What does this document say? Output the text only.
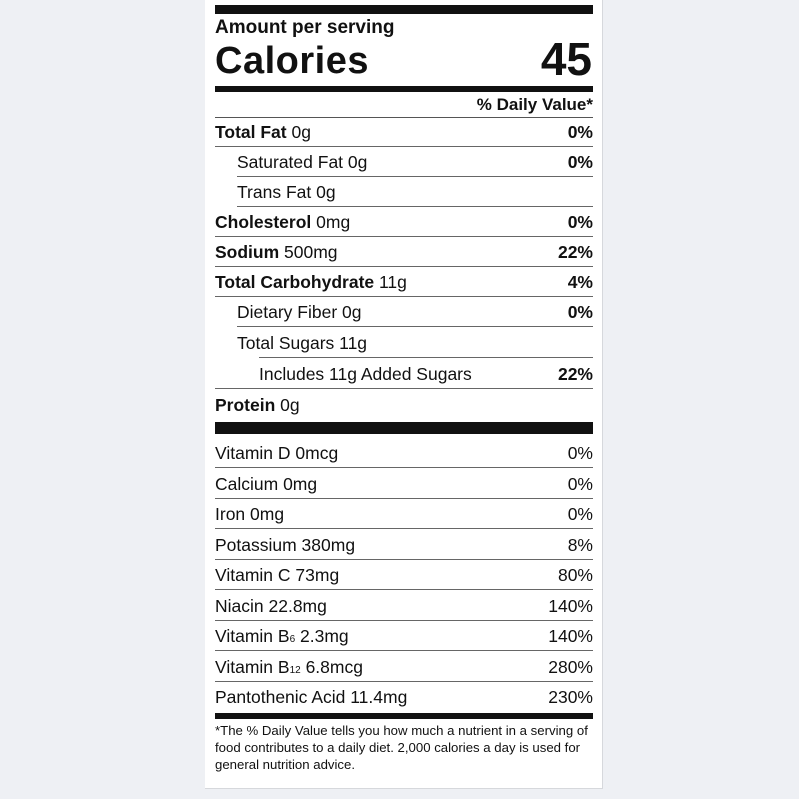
Amount per serving
Calories	45
% Daily Value*
Total Fat 0g	0%
Saturated Fat 0g	0%
Trans Fat 0g
Cholesterol 0mg	0%
Sodium 500mg	22%
Total Carbohydrate 11g	4%
Dietary Fiber 0g	0%
Total Sugars 11g
Includes 11g Added Sugars	22%
Protein 0g
Vitamin D 0mcg	0%
Calcium 0mg	0%
Iron 0mg	0%
Potassium 380mg	8%
Vitamin C 73mg	80%
Niacin 22.8mg	140%
Vitamin B6 2.3mg	140%
Vitamin B12 6.8mcg	280%
Pantothenic Acid 11.4mg	230%
*The % Daily Value tells you how much a nutrient in a serving of food contributes to a daily diet. 2,000 calories a day is used for general nutrition advice.
